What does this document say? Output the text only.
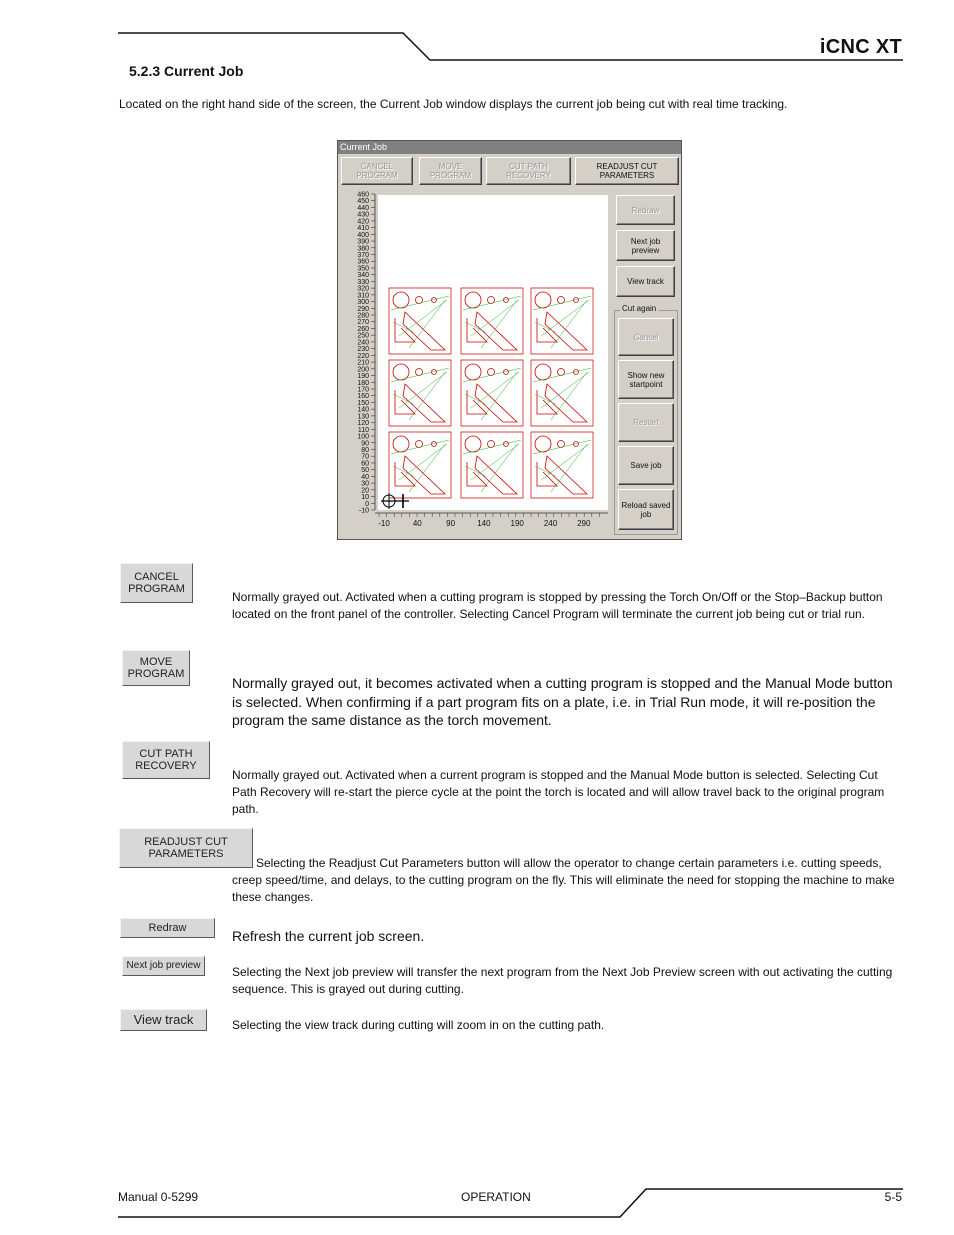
iCNC XT
5.2.3 Current Job
Located on the right hand side of the screen, the Current Job window displays the current job being cut with real time tracking.
Current Job
CANCEL PROGRAM
MOVE PROGRAM
CUT PATH RECOVERY
READJUST CUT PARAMETERS
460
450
440
430
420
410
400
390
380
370
360
350
340
330
320
310
300
290
280
270
260
250
240
230
220
210
200
190
180
170
160
150
140
130
120
110
100
90
80
70
60
50
40
30
20
10
0
-10
-10	40	90	140 190 240 290
Redraw
Next job preview
View track
Cut again
Cancel
Show new startpoint
Restart
Save job
Reload saved job
CANCEL PROGRAM
Normally grayed out. Activated when a cutting program is stopped by pressing the Torch On/Off or the Stop–Backup button located on the front panel of the controller. Selecting Cancel Program will terminate the current job being cut or trial run.
MOVE PROGRAM
Normally grayed out, it becomes activated when a cutting program is stopped and the Manual Mode button is selected. When confirming if a part program fits on a plate, i.e. in Trial Run mode, it will re-position the program the same distance as the torch movement.
CUT PATH RECOVERY
Normally grayed out. Activated when a current program is stopped and the Manual Mode button is selected. Selecting Cut Path Recovery will re-start the pierce cycle at the point the torch is located and will allow travel back to the original program path.
READJUST CUT PARAMETERS
Selecting the Readjust Cut Parameters button will allow the operator to change certain parameters i.e. cutting speeds, creep speed/time, and delays, to the cutting program on the fly. This will eliminate the need for stopping the machine to make these changes.
Redraw	Refresh the current job screen.
Next job preview	Selecting the Next job preview will transfer the next program from the Next Job Preview screen with out activating the cutting sequence. This is grayed out during cutting.
View track	Selecting the view track during cutting will zoom in on the cutting path.
Manual 0-5299	OPERATION	5-5
